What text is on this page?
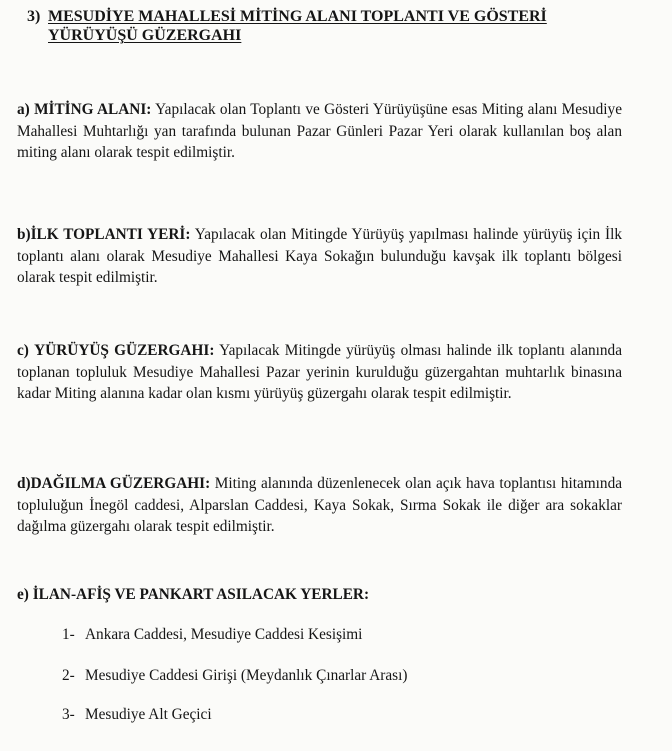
3) MESUDİYE MAHALLESİ MİTİNG ALANI TOPLANTI VE GÖSTERİ
YÜRÜYÜŞÜ GÜZERGAHI

a) MİTİNG ALANI: Yapılacak olan Toplantı ve Gösteri Yürüyüşüne esas Miting alanı Mesudiye Mahallesi Muhtarlığı yan tarafında bulunan Pazar Günleri Pazar Yeri olarak kullanılan boş alan miting alanı olarak tespit edilmiştir.

b)İLK TOPLANTI YERİ: Yapılacak olan Mitingde Yürüyüş yapılması halinde yürüyüş için İlk toplantı alanı olarak Mesudiye Mahallesi Kaya Sokağın bulunduğu kavşak ilk toplantı bölgesi olarak tespit edilmiştir.

c) YÜRÜYÜŞ GÜZERGAHI: Yapılacak Mitingde yürüyüş olması halinde ilk toplantı alanında toplanan topluluk Mesudiye Mahallesi Pazar yerinin kurulduğu güzergahtan muhtarlık binasına kadar Miting alanına kadar olan kısmı yürüyüş güzergahı olarak tespit edilmiştir.

d)DAĞILMA GÜZERGAHI: Miting alanında düzenlenecek olan açık hava toplantısı hitamında topluluğun İnegöl caddesi, Alparslan Caddesi, Kaya Sokak, Sırma Sokak ile diğer ara sokaklar dağılma güzergahı olarak tespit edilmiştir.

e) İLAN-AFİŞ VE PANKART ASILACAK YERLER:

1- Ankara Caddesi, Mesudiye Caddesi Kesişimi
2- Mesudiye Caddesi Girişi (Meydanlık Çınarlar Arası)
3- Mesudiye Alt Geçici
